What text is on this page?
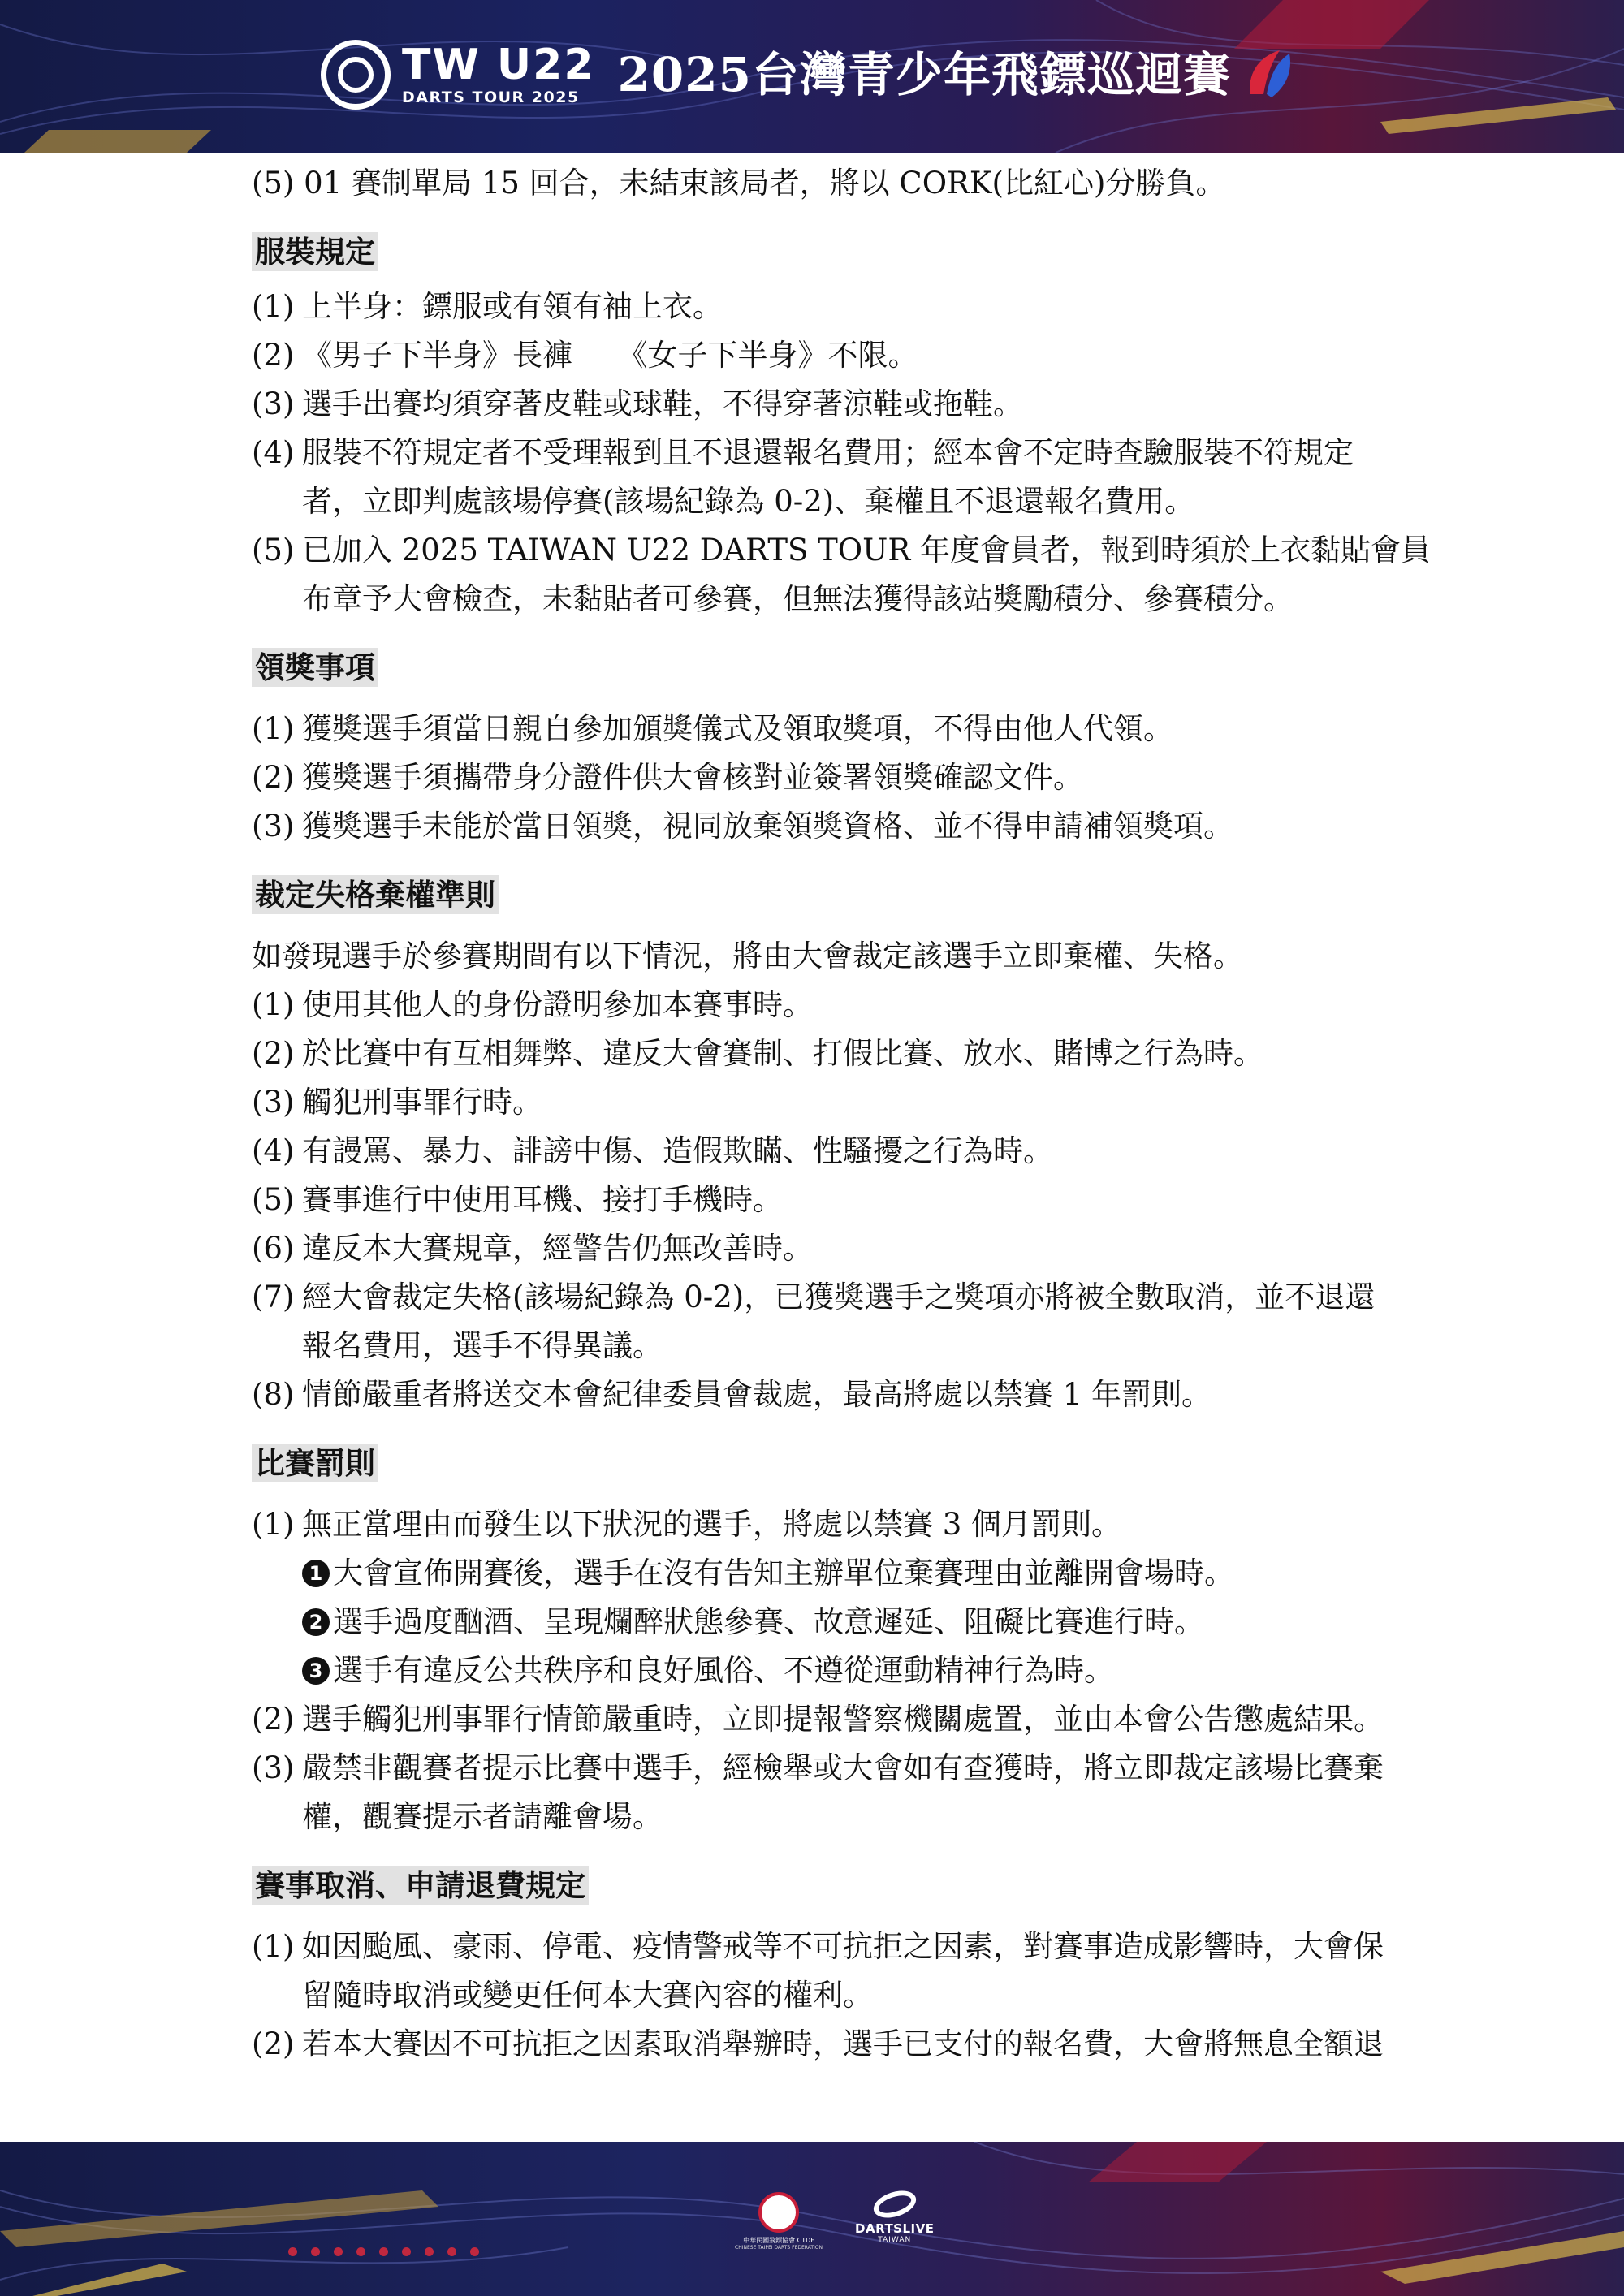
TW U22
DARTS TOUR 2025 2025台灣青少年飛鏢巡迴賽
(5) 01 賽制單局 15 回合，未結束該局者，將以 CORK(比紅心)分勝負。
服裝規定
(1) 上半身：鏢服或有領有袖上衣。

(2) 《男子下半身》長褲　　《女子下半身》不限。

(3) 選手出賽均須穿著皮鞋或球鞋，不得穿著涼鞋或拖鞋。

(4) 服裝不符規定者不受理報到且不退還報名費用；經本會不定時查驗服裝不符規定

者，立即判處該場停賽(該場紀錄為 0-2)、棄權且不退還報名費用。

(5) 已加入 2025 TAIWAN U22 DARTS TOUR 年度會員者，報到時須於上衣黏貼會員

布章予大會檢查，未黏貼者可參賽，但無法獲得該站獎勵積分、參賽積分。

領獎事項
(1) 獲獎選手須當日親自參加頒獎儀式及領取獎項，不得由他人代領。

(2) 獲獎選手須攜帶身分證件供大會核對並簽署領獎確認文件。

(3) 獲獎選手未能於當日領獎，視同放棄領獎資格、並不得申請補領獎項。

裁定失格棄權準則
如發現選手於參賽期間有以下情況，將由大會裁定該選手立即棄權、失格。
(1) 使用其他人的身份證明參加本賽事時。

(2) 於比賽中有互相舞弊、違反大會賽制、打假比賽、放水、賭博之行為時。

(3) 觸犯刑事罪行時。

(4) 有謾罵、暴力、誹謗中傷、造假欺瞞、性騷擾之行為時。

(5) 賽事進行中使用耳機、接打手機時。

(6) 違反本大賽規章，經警告仍無改善時。

(7) 經大會裁定失格(該場紀錄為 0-2)，已獲獎選手之獎項亦將被全數取消，並不退還

報名費用，選手不得異議。

(8) 情節嚴重者將送交本會紀律委員會裁處，最高將處以禁賽 1 年罰則。

比賽罰則
(1) 無正當理由而發生以下狀況的選手，將處以禁賽 3 個月罰則。

1 大會宣佈開賽後，選手在沒有告知主辦單位棄賽理由並離開會場時。
2 選手過度酗酒、呈現爛醉狀態參賽、故意遲延、阻礙比賽進行時。
3 選手有違反公共秩序和良好風俗、不遵從運動精神行為時。
(2) 選手觸犯刑事罪行情節嚴重時，立即提報警察機關處置，並由本會公告懲處結果。

(3) 嚴禁非觀賽者提示比賽中選手，經檢舉或大會如有查獲時，將立即裁定該場比賽棄

權，觀賽提示者請離會場。

賽事取消、申請退費規定
(1) 如因颱風、豪雨、停電、疫情警戒等不可抗拒之因素，對賽事造成影響時，大會保

留隨時取消或變更任何本大賽內容的權利。

(2) 若本大賽因不可抗拒之因素取消舉辦時，選手已支付的報名費，大會將無息全額退

中華民國飛鏢協會 CTDF
CHINESE TAIPEI DARTS FEDERATION
DARTSLIVE
TAIWAN
